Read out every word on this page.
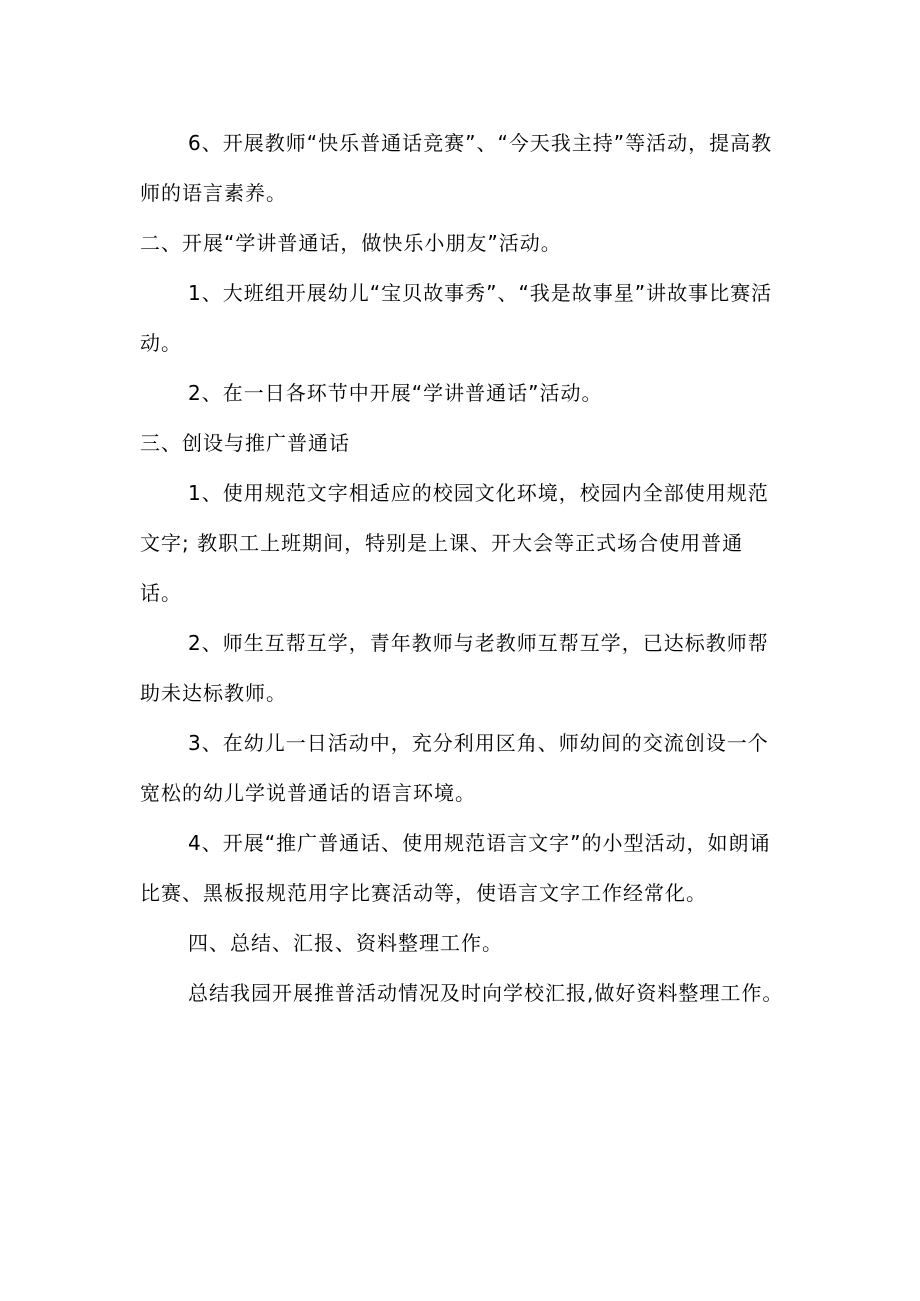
6、开展教师“快乐普通话竞赛”、“今天我主持”等活动，提高教师的语言素养。

二、开展“学讲普通话，做快乐小朋友”活动。

1、大班组开展幼儿“宝贝故事秀”、“我是故事星”讲故事比赛活动。

2、在一日各环节中开展“学讲普通话”活动。

三、创设与推广普通话

1、使用规范文字相适应的校园文化环境，校园内全部使用规范文字; 教职工上班期间，特别是上课、开大会等正式场合使用普通话。

2、师生互帮互学，青年教师与老教师互帮互学，已达标教师帮助未达标教师。

3、在幼儿一日活动中，充分利用区角、师幼间的交流创设一个宽松的幼儿学说普通话的语言环境。

4、开展“推广普通话、使用规范语言文字”的小型活动，如朗诵比赛、黑板报规范用字比赛活动等，使语言文字工作经常化。

四、总结、汇报、资料整理工作。

总结我园开展推普活动情况及时向学校汇报,做好资料整理工作。
